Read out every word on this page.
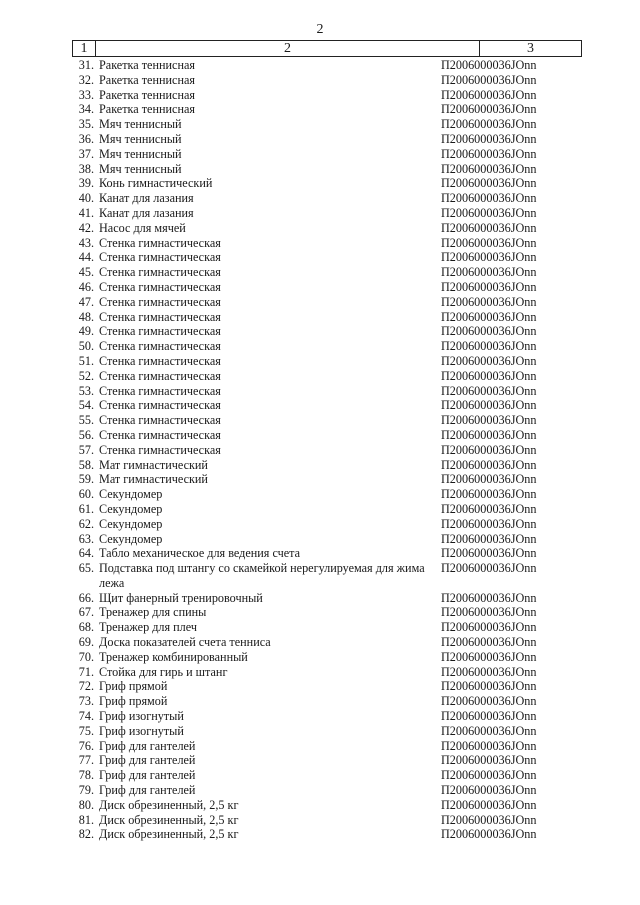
2
1	2	3
31. Ракетка теннисная	П2006000036JOnn
32. Ракетка теннисная	П2006000036JOnn
33. Ракетка теннисная	П2006000036JOnn
34. Ракетка теннисная	П2006000036JOnn
35. Мяч теннисный	П2006000036JOnn
36. Мяч теннисный	П2006000036JOnn
37. Мяч теннисный	П2006000036JOnn
38. Мяч теннисный	П2006000036JOnn
39. Конь гимнастический	П2006000036JOnn
40. Канат для лазания	П2006000036JOnn
41. Канат для лазания	П2006000036JOnn
42. Насос для мячей	П2006000036JOnn
43. Стенка гимнастическая	П2006000036JOnn
44. Стенка гимнастическая	П2006000036JOnn
45. Стенка гимнастическая	П2006000036JOnn
46. Стенка гимнастическая	П2006000036JOnn
47. Стенка гимнастическая	П2006000036JOnn
48. Стенка гимнастическая	П2006000036JOnn
49. Стенка гимнастическая	П2006000036JOnn
50. Стенка гимнастическая	П2006000036JOnn
51. Стенка гимнастическая	П2006000036JOnn
52. Стенка гимнастическая	П2006000036JOnn
53. Стенка гимнастическая	П2006000036JOnn
54. Стенка гимнастическая	П2006000036JOnn
55. Стенка гимнастическая	П2006000036JOnn
56. Стенка гимнастическая	П2006000036JOnn
57. Стенка гимнастическая	П2006000036JOnn
58. Мат гимнастический	П2006000036JOnn
59. Мат гимнастический	П2006000036JOnn
60. Секундомер	П2006000036JOnn
61. Секундомер	П2006000036JOnn
62. Секундомер	П2006000036JOnn
63. Секундомер	П2006000036JOnn
64. Табло механическое для ведения счета	П2006000036JOnn
65. Подставка под штангу со скамейкой нерегулируемая для жима лежа
П2006000036JOnn
66. Щит фанерный тренировочный	П2006000036JOnn
67. Тренажер для спины	П2006000036JOnn
68. Тренажер для плеч	П2006000036JOnn
69. Доска показателей счета тенниса	П2006000036JOnn
70. Тренажер комбинированный	П2006000036JOnn
71. Стойка для гирь и штанг	П2006000036JOnn
72. Гриф прямой	П2006000036JOnn
73. Гриф прямой	П2006000036JOnn
74. Гриф изогнутый	П2006000036JOnn
75. Гриф изогнутый	П2006000036JOnn
76. Гриф для гантелей	П2006000036JOnn
77. Гриф для гантелей	П2006000036JOnn
78. Гриф для гантелей	П2006000036JOnn
79. Гриф для гантелей	П2006000036JOnn
80. Диск обрезиненный, 2,5 кг	П2006000036JOnn
81. Диск обрезиненный, 2,5 кг	П2006000036JOnn
82. Диск обрезиненный, 2,5 кг	П2006000036JOnn
